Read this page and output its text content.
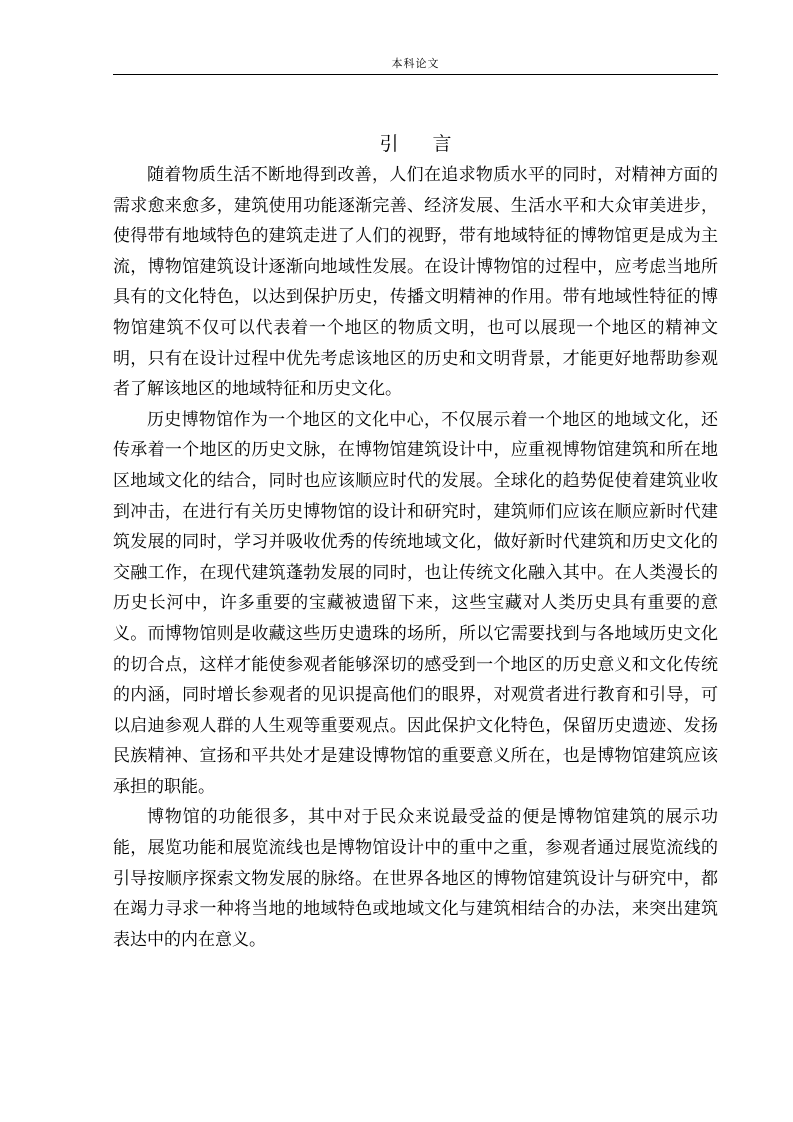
本科论文
引言

随着物质生活不断地得到改善，人们在追求物质水平的同时，对精神方面的需求愈来愈多，建筑使用功能逐渐完善、经济发展、生活水平和大众审美进步，使得带有地域特色的建筑走进了人们的视野，带有地域特征的博物馆更是成为主流，博物馆建筑设计逐渐向地域性发展。在设计博物馆的过程中，应考虑当地所具有的文化特色，以达到保护历史，传播文明精神的作用。带有地域性特征的博物馆建筑不仅可以代表着一个地区的物质文明，也可以展现一个地区的精神文明，只有在设计过程中优先考虑该地区的历史和文明背景，才能更好地帮助参观者了解该地区的地域特征和历史文化。

历史博物馆作为一个地区的文化中心，不仅展示着一个地区的地域文化，还传承着一个地区的历史文脉，在博物馆建筑设计中，应重视博物馆建筑和所在地区地域文化的结合，同时也应该顺应时代的发展。全球化的趋势促使着建筑业收到冲击，在进行有关历史博物馆的设计和研究时，建筑师们应该在顺应新时代建筑发展的同时，学习并吸收优秀的传统地域文化，做好新时代建筑和历史文化的交融工作，在现代建筑蓬勃发展的同时，也让传统文化融入其中。在人类漫长的历史长河中，许多重要的宝藏被遗留下来，这些宝藏对人类历史具有重要的意义。而博物馆则是收藏这些历史遗珠的场所，所以它需要找到与各地域历史文化的切合点，这样才能使参观者能够深切的感受到一个地区的历史意义和文化传统的内涵，同时增长参观者的见识提高他们的眼界，对观赏者进行教育和引导，可以启迪参观人群的人生观等重要观点。因此保护文化特色，保留历史遗迹、发扬民族精神、宣扬和平共处才是建设博物馆的重要意义所在，也是博物馆建筑应该承担的职能。

博物馆的功能很多，其中对于民众来说最受益的便是博物馆建筑的展示功能，展览功能和展览流线也是博物馆设计中的重中之重，参观者通过展览流线的引导按顺序探索文物发展的脉络。在世界各地区的博物馆建筑设计与研究中，都在竭力寻求一种将当地的地域特色或地域文化与建筑相结合的办法，来突出建筑表达中的内在意义。
